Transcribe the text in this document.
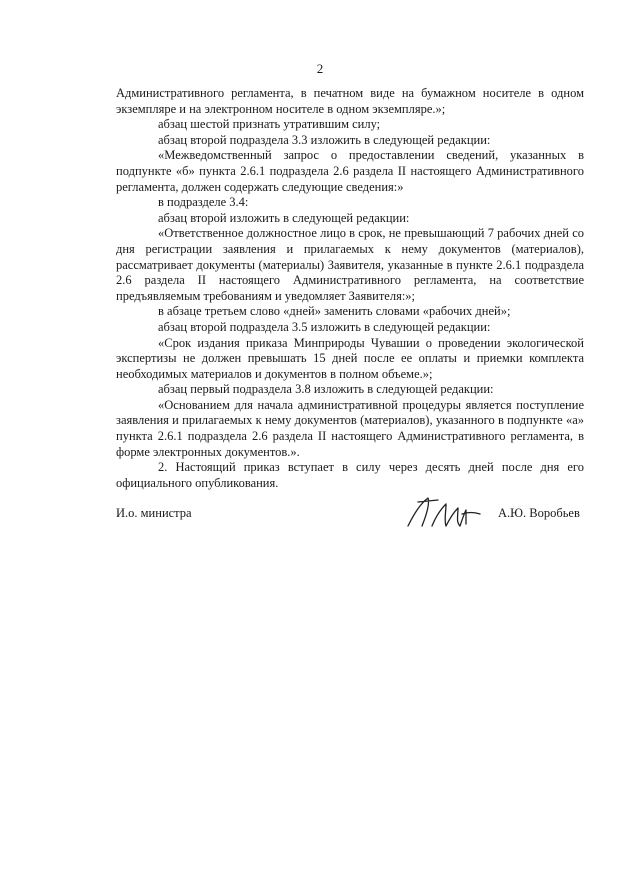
2

Административного регламента, в печатном виде на бумажном носителе в одном экземпляре и на электронном носителе в одном экземпляре.»;

абзац шестой признать утратившим силу;

абзац второй подраздела 3.3 изложить в следующей редакции:

«Межведомственный запрос о предоставлении сведений, указанных в подпункте «б» пункта 2.6.1 подраздела 2.6 раздела II настоящего Административного регламента, должен содержать следующие сведения:»

в подразделе 3.4:

абзац второй изложить в следующей редакции:

«Ответственное должностное лицо в срок, не превышающий 7 рабочих дней со дня регистрации заявления и прилагаемых к нему документов (материалов), рассматривает документы (материалы) Заявителя, указанные в пункте 2.6.1 подраздела 2.6 раздела II настоящего Административного регламента, на соответствие предъявляемым требованиям и уведомляет Заявителя:»;

в абзаце третьем слово «дней» заменить словами «рабочих дней»;

абзац второй подраздела 3.5 изложить в следующей редакции:

«Срок издания приказа Минприроды Чувашии о проведении экологической экспертизы не должен превышать 15 дней после ее оплаты и приемки комплекта необходимых материалов и документов в полном объеме.»;

абзац первый подраздела 3.8 изложить в следующей редакции:

«Основанием для начала административной процедуры является поступление заявления и прилагаемых к нему документов (материалов), указанного в подпункте «а» пункта 2.6.1 подраздела 2.6 раздела II настоящего Административного регламента, в форме электронных документов.».

2. Настоящий приказ вступает в силу через десять дней после дня его официального опубликования.

И.о. министра	А.Ю. Воробьев
